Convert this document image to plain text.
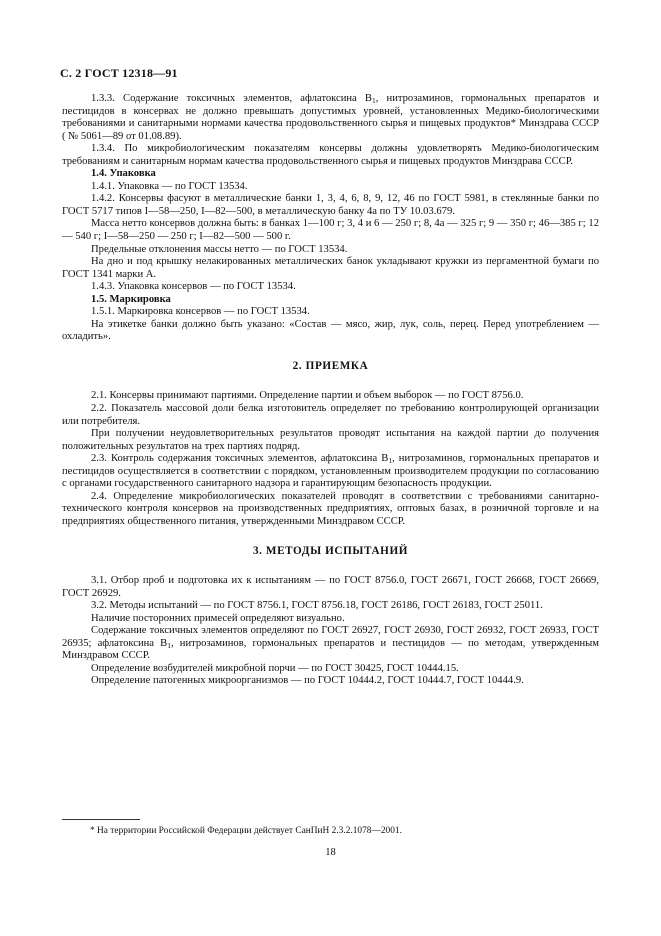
С. 2 ГОСТ 12318—91

1.3.3. Содержание токсичных элементов, афлатоксина $В_1$, нитрозаминов, гормональных препаратов и пестицидов в консервах не должно превышать допустимых уровней, установленных Медико-биологическими требованиями и санитарными нормами качества продовольственного сырья и пищевых продуктов* Минздрава СССР ( № 5061—89 от 01.08.89).

1.3.4. По микробиологическим показателям консервы должны удовлетворять Медико-биологическим требованиям и санитарным нормам качества продовольственного сырья и пищевых продуктов Минздрава СССР.

1.4. Упаковка

1.4.1. Упаковка — по ГОСТ 13534.

1.4.2. Консервы фасуют в металлические банки 1, 3, 4, 6, 8, 9, 12, 46 по ГОСТ 5981, в стеклянные банки по ГОСТ 5717 типов I—58—250, I—82—500, в металлическую банку 4а по ТУ 10.03.679.

Масса нетто консервов должна быть: в банках 1—100 г; 3, 4 и 6 — 250 г; 8, 4а — 325 г; 9 — 350 г; 46—385 г; 12 — 540 г; I—58—250 — 250 г; I—82—500 — 500 г.

Предельные отклонения массы нетто — по ГОСТ 13534.

На дно и под крышку нелакированных металлических банок укладывают кружки из пергаментной бумаги по ГОСТ 1341 марки А.

1.4.3. Упаковка консервов — по ГОСТ 13534.

1.5. Маркировка

1.5.1. Маркировка консервов — по ГОСТ 13534.

На этикетке банки должно быть указано: «Состав — мясо, жир, лук, соль, перец. Перед употреблением — охладить».

2. ПРИЕМКА

2.1. Консервы принимают партиями. Определение партии и объем выборок — по ГОСТ 8756.0.

2.2. Показатель массовой доли белка изготовитель определяет по требованию контролирующей организации или потребителя.

При получении неудовлетворительных результатов проводят испытания на каждой партии до получения положительных результатов на трех партиях подряд.

2.3. Контроль содержания токсичных элементов, афлатоксина $В_1$, нитрозаминов, гормональных препаратов и пестицидов осуществляется в соответствии с порядком, установленным производителем продукции по согласованию с органами государственного санитарного надзора и гарантирующим безопасность продукции.

2.4. Определение микробиологических показателей проводят в соответствии с требованиями санитарно-технического контроля консервов на производственных предприятиях, оптовых базах, в розничной торговле и на предприятиях общественного питания, утвержденными Минздравом СССР.

3. МЕТОДЫ ИСПЫТАНИЙ

3.1. Отбор проб и подготовка их к испытаниям — по ГОСТ 8756.0, ГОСТ 26671, ГОСТ 26668, ГОСТ 26669, ГОСТ 26929.

3.2. Методы испытаний — по ГОСТ 8756.1, ГОСТ 8756.18, ГОСТ 26186, ГОСТ 26183, ГОСТ 25011.

Наличие посторонних примесей определяют визуально.

Содержание токсичных элементов определяют по ГОСТ 26927, ГОСТ 26930, ГОСТ 26932, ГОСТ 26933, ГОСТ 26935; афлатоксина $В_1$, нитрозаминов, гормональных препаратов и пестицидов — по методам, утвержденным Минздравом СССР.

Определение возбудителей микробной порчи — по ГОСТ 30425, ГОСТ 10444.15.

Определение патогенных микроорганизмов — по ГОСТ 10444.2, ГОСТ 10444.7, ГОСТ 10444.9.

* На территории Российской Федерации действует СанПиН 2.3.2.1078—2001.
18
